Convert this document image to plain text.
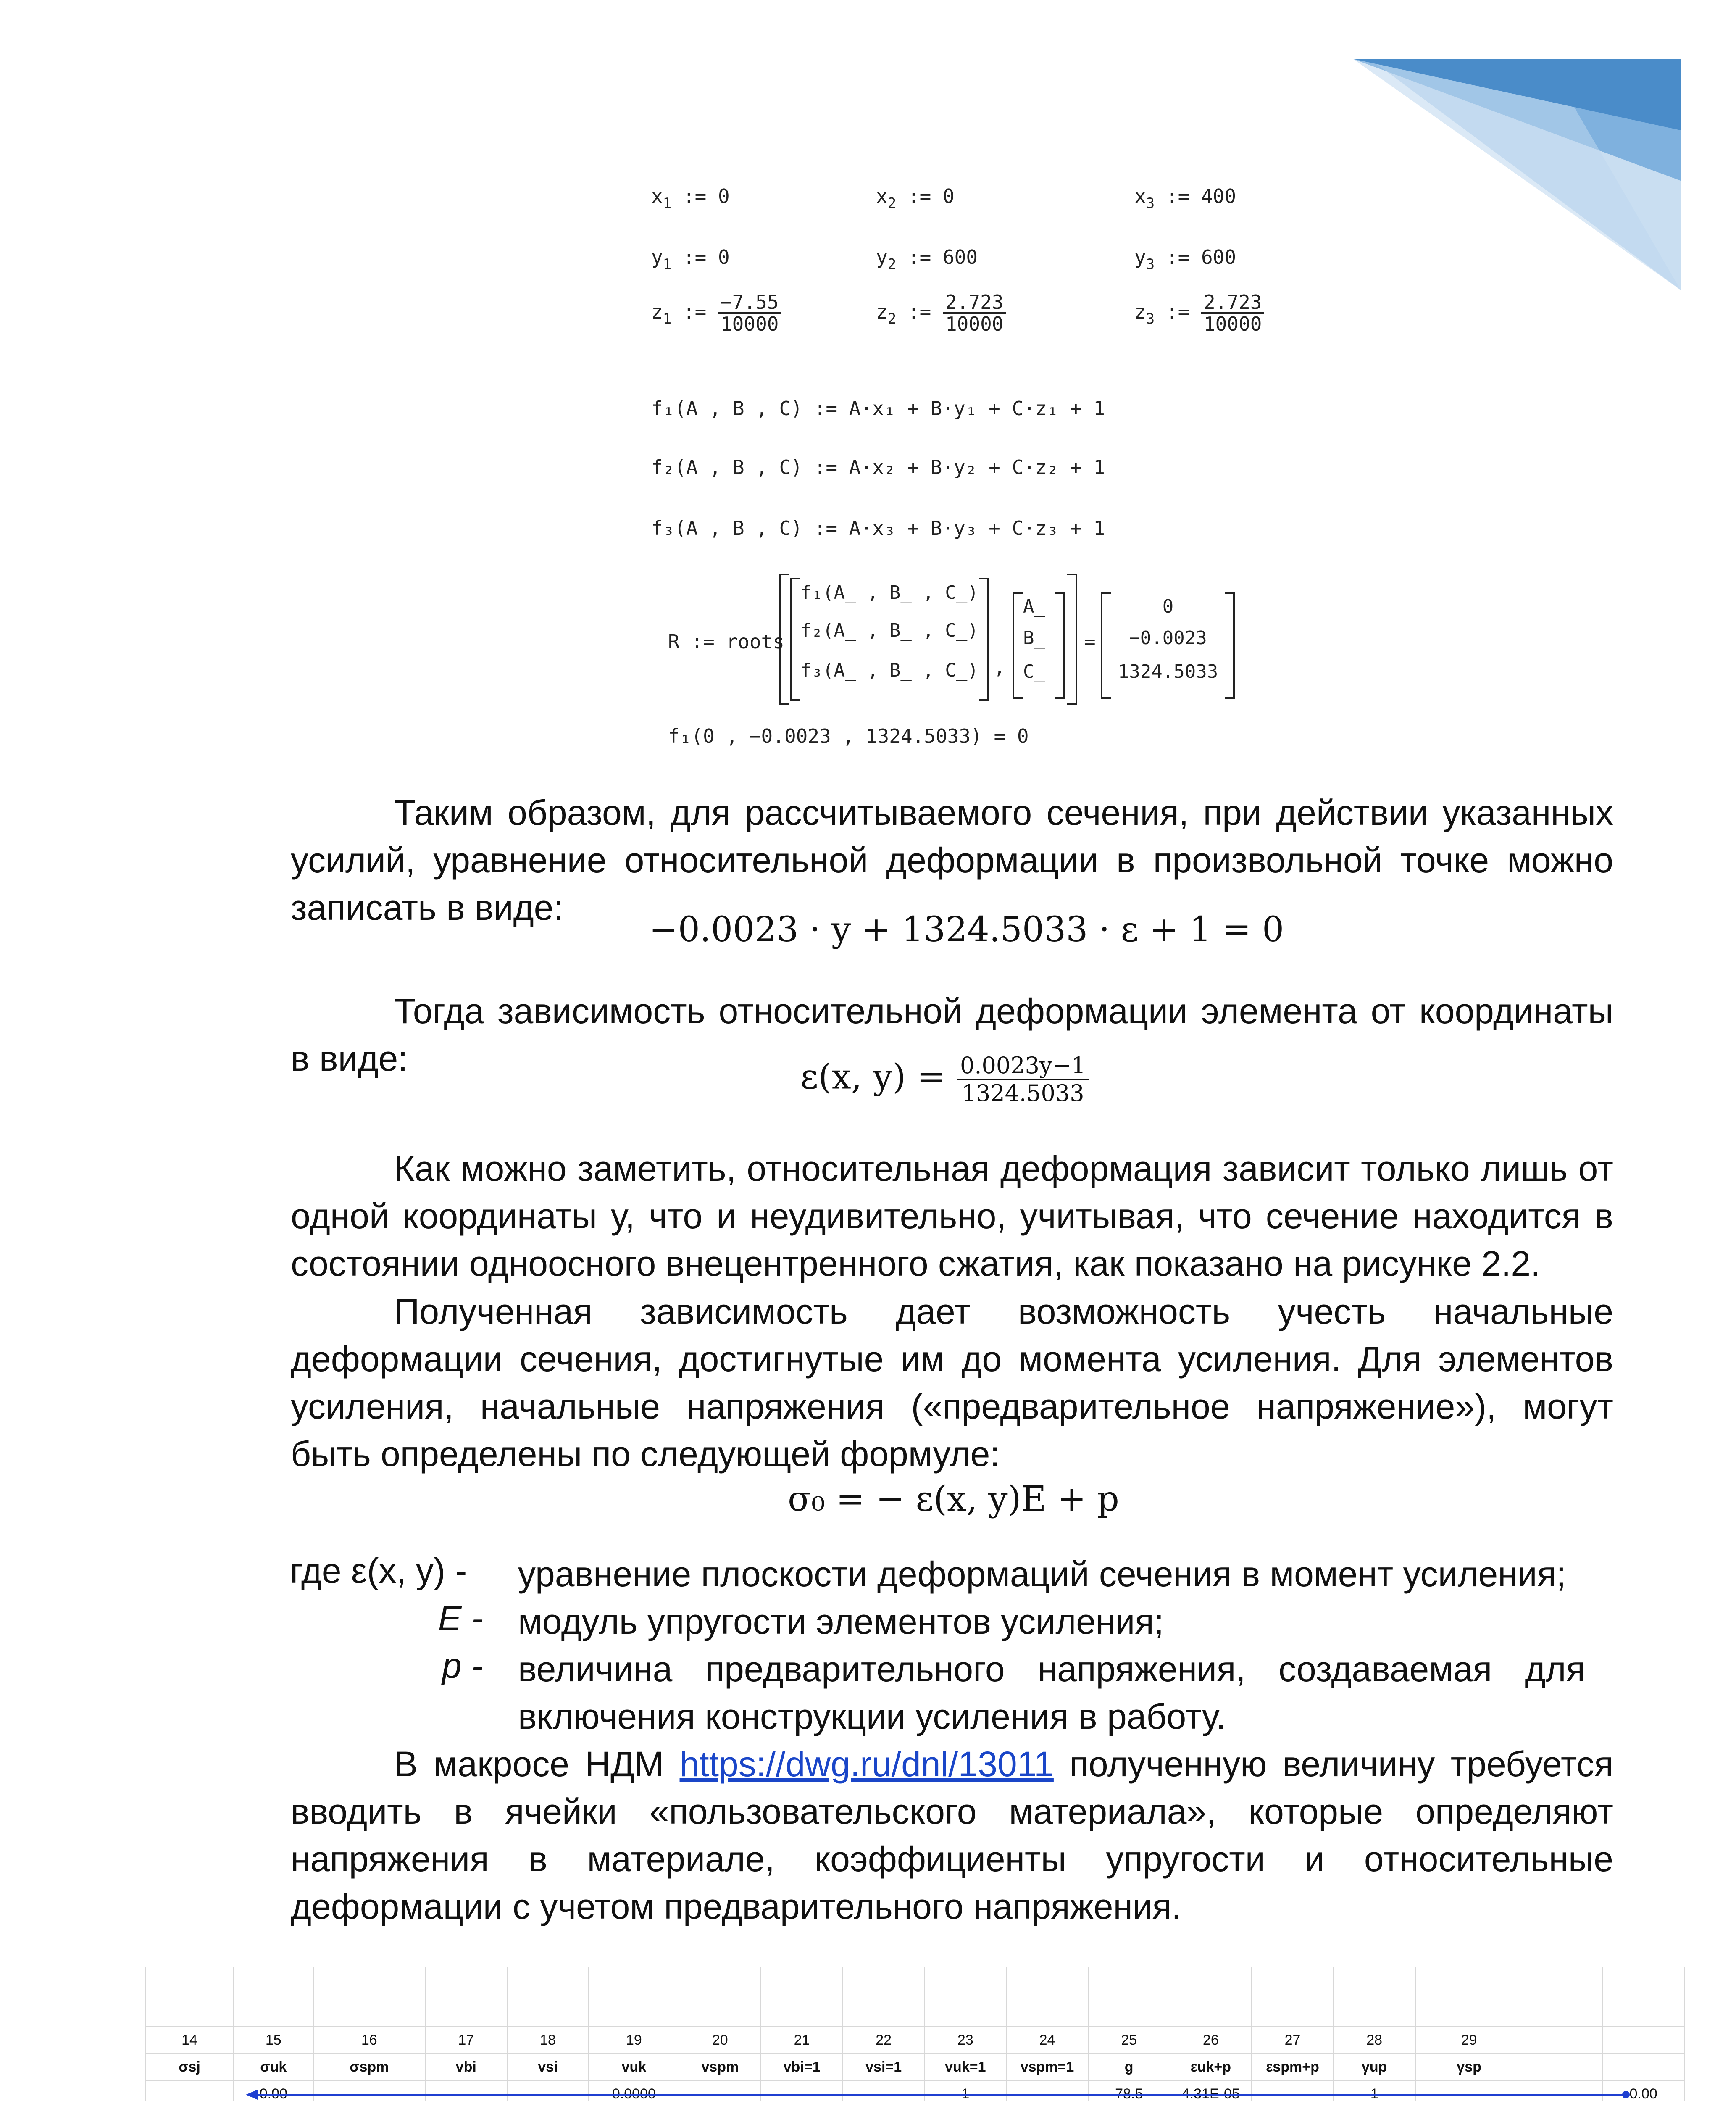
$x_1$ := 0	$x_2$ := 0	$x_3$ := 400
$y_1$ := 0	$y_2$ := 600	$y_3$ := 600
$z_1$ := $\frac{-7.55}{10000}$	$z_2$ := $\frac{2.723}{10000}$	$z_3$ := $\frac{2.723}{10000}$
f₁(A , B , C) := A·x₁ + B·y₁ + C·z₁ + 1
f₂(A , B , C) := A·x₂ + B·y₂ + C·z₂ + 1
f₃(A , B , C) := A·x₃ + B·y₃ + C·z₃ + 1
R := roots
f₁(A_ , B_ , C_)
f₂(A_ , B_ , C_)
f₃(A_ , B_ , C_) ,
A_
B_
C_
=
0
−0.0023
1324.5033
f₁(0 , −0.0023 , 1324.5033) = 0
Таким образом, для рассчитываемого сечения, при действии указанных усилий, уравнение относительной деформации в произвольной точке можно записать в виде:
−0.0023 · y + 1324.5033 · ε + 1 = 0
Тогда зависимость относительной деформации элемента от координаты в виде:	ε(x, $y) = \frac{0.0023y-1}{1324.5033}$
Как можно заметить, относительная деформация зависит только лишь от одной координаты у, что и неудивительно, учитывая, что сечение находится в состоянии одноосного внецентренного сжатия, как показано на рисунке 2.2.
Полученная зависимость дает возможность учесть начальные деформации сечения, достигнутые им до момента усиления. Для элементов усиления, начальные напряжения («предварительное напряжение»), могут быть определены по следующей формуле:
σ₀ = − ε(x, y)E + p
где ε(x, y) -	уравнение плоскости деформаций сечения в момент усиления;
E - модуль упругости элементов усиления;
p - величина предварительного напряжения, создаваемая для включения конструкции усиления в работу.
В макросе НДМ https://dwg.ru/dnl/13011 полученную величину требуется вводить в ячейки «пользовательского материала», которые определяют напряжения в материале, коэффициенты упругости и относительные деформации с учетом предварительного напряжения.

14	15	16	17	18	19	20	21	22	23	24	25	26	27	28	29		
σsj	σuk	σspm	vbi	vsi	vuk	vspm	vbi=1	vsi=1	vuk=1	vspm=1	g	εuk+p	εspm+p	γup	γsp		
	0.00				0.0000				1		78.5	4.31E-05		1			0.00
